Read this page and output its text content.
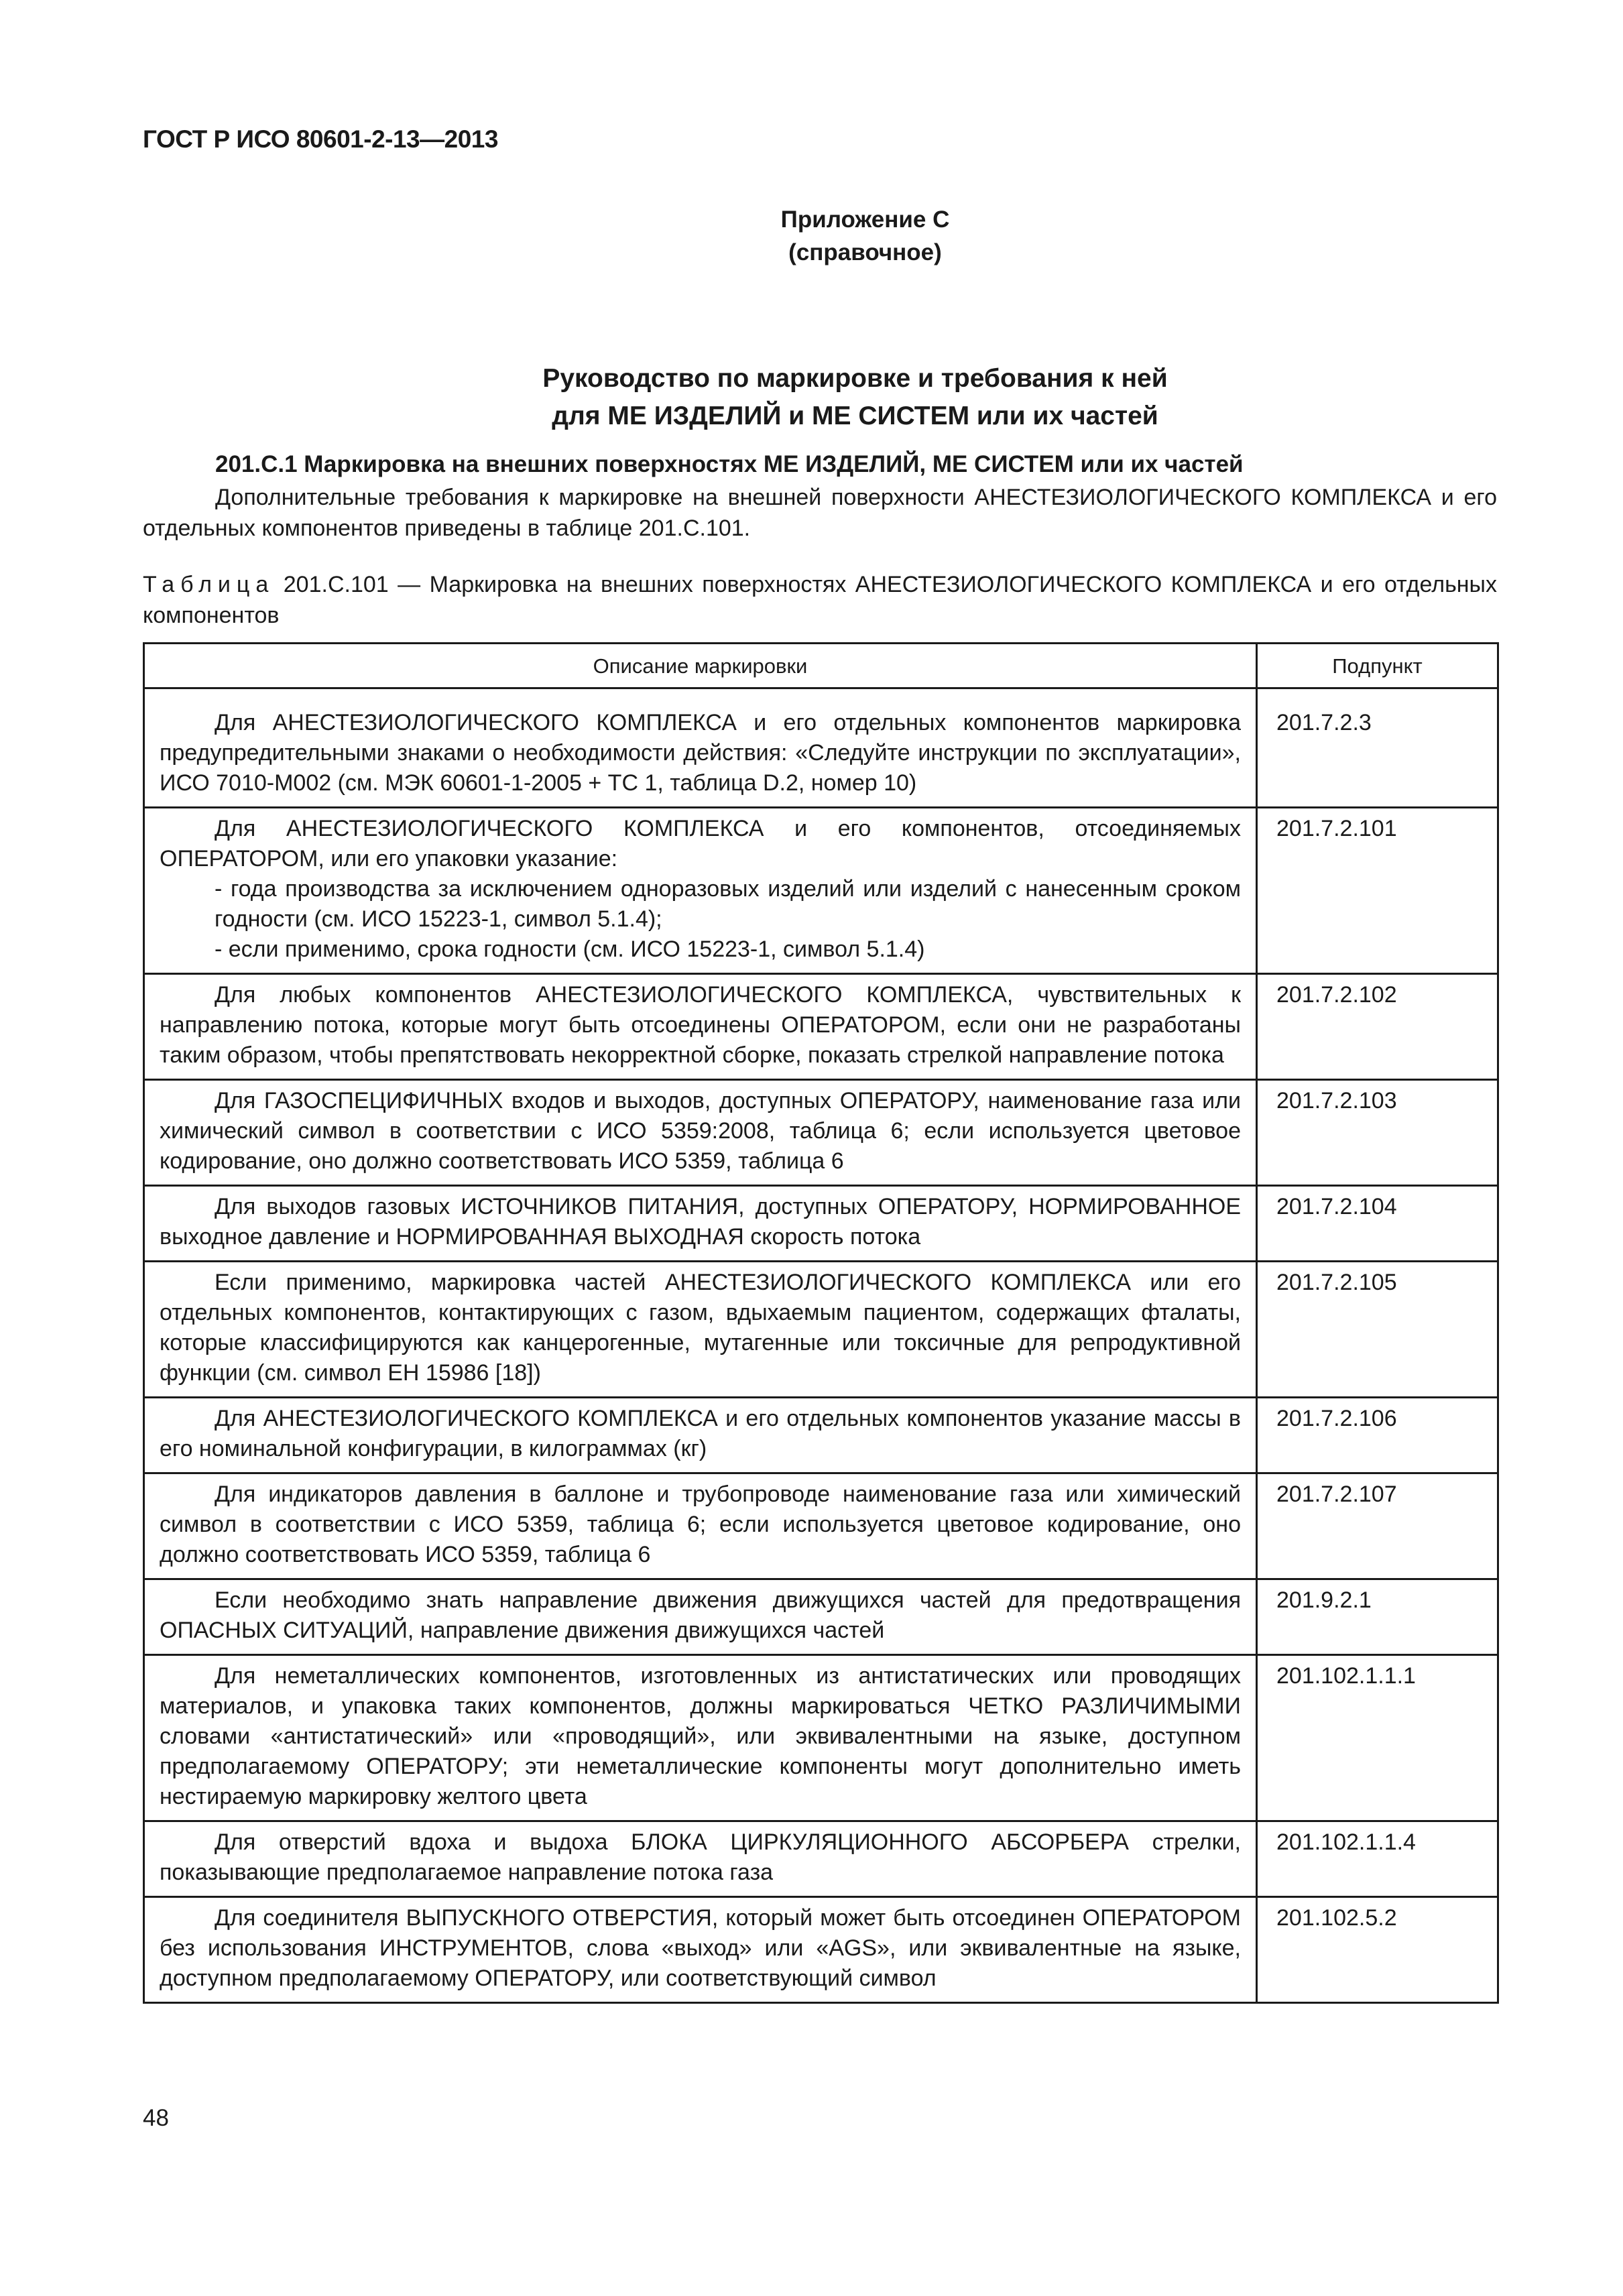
ГОСТ Р ИСО 80601-2-13—2013
Приложение С
(справочное)
Руководство по маркировке и требования к ней
для МЕ ИЗДЕЛИЙ и МЕ СИСТЕМ или их частей
201.С.1 Маркировка на внешних поверхностях МЕ ИЗДЕЛИЙ, МЕ СИСТЕМ или их частей
Дополнительные требования к маркировке на внешней поверхности АНЕСТЕЗИОЛОГИЧЕСКОГО КОМПЛЕКСА и его отдельных компонентов приведены в таблице 201.С.101.
Таблица 201.С.101 — Маркировка на внешних поверхностях АНЕСТЕЗИОЛОГИЧЕСКОГО КОМПЛЕКСА и его отдельных компонентов
Описание маркировки	Подпункт

Для АНЕСТЕЗИОЛОГИЧЕСКОГО КОМПЛЕКСА и его отдельных компонентов маркировка предупредительными знаками о необходимости действия: «Следуйте инструкции по эксплуатации», ИСО 7010-М002 (см. МЭК 60601-1-2005 + ТС 1, таблица D.2, номер 10)	201.7.2.3

Для АНЕСТЕЗИОЛОГИЧЕСКОГО КОМПЛЕКСА и его компонентов, отсоединяемых ОПЕРАТОРОМ, или его упаковки указание:
- года производства за исключением одноразовых изделий или изделий с нанесенным сроком годности (см. ИСО 15223-1, символ 5.1.4);
- если применимо, срока годности (см. ИСО 15223-1, символ 5.1.4)	201.7.2.101

Для любых компонентов АНЕСТЕЗИОЛОГИЧЕСКОГО КОМПЛЕКСА, чувствительных к направлению потока, которые могут быть отсоединены ОПЕРАТОРОМ, если они не разработаны таким образом, чтобы препятствовать некорректной сборке, показать стрелкой направление потока	201.7.2.102

Для ГАЗОСПЕЦИФИЧНЫХ входов и выходов, доступных ОПЕРАТОРУ, наименование газа или химический символ в соответствии с ИСО 5359:2008, таблица 6; если используется цветовое кодирование, оно должно соответствовать ИСО 5359, таблица 6	201.7.2.103

Для выходов газовых ИСТОЧНИКОВ ПИТАНИЯ, доступных ОПЕРАТОРУ, НОРМИРОВАННОЕ выходное давление и НОРМИРОВАННАЯ ВЫХОДНАЯ скорость потока	201.7.2.104

Если применимо, маркировка частей АНЕСТЕЗИОЛОГИЧЕСКОГО КОМПЛЕКСА или его отдельных компонентов, контактирующих с газом, вдыхаемым пациентом, содержащих фталаты, которые классифицируются как канцерогенные, мутагенные или токсичные для репродуктивной функции (см. символ ЕН 15986 [18])	201.7.2.105

Для АНЕСТЕЗИОЛОГИЧЕСКОГО КОМПЛЕКСА и его отдельных компонентов указание массы в его номинальной конфигурации, в килограммах (кг)	201.7.2.106

Для индикаторов давления в баллоне и трубопроводе наименование газа или химический символ в соответствии с ИСО 5359, таблица 6; если используется цветовое кодирование, оно должно соответствовать ИСО 5359, таблица 6	201.7.2.107

Если необходимо знать направление движения движущихся частей для предотвращения ОПАСНЫХ СИТУАЦИЙ, направление движения движущихся частей	201.9.2.1

Для неметаллических компонентов, изготовленных из антистатических или проводящих материалов, и упаковка таких компонентов, должны маркироваться ЧЕТКО РАЗЛИЧИМЫМИ словами «антистатический» или «проводящий», или эквивалентными на языке, доступном предполагаемому ОПЕРАТОРУ; эти неметаллические компоненты могут дополнительно иметь нестираемую маркировку желтого цвета	201.102.1.1.1

Для отверстий вдоха и выдоха БЛОКА ЦИРКУЛЯЦИОННОГО АБСОРБЕРА стрелки, показывающие предполагаемое направление потока газа	201.102.1.1.4

Для соединителя ВЫПУСКНОГО ОТВЕРСТИЯ, который может быть отсоединен ОПЕРАТОРОМ без использования ИНСТРУМЕНТОВ, слова «выход» или «AGS», или эквивалентные на языке, доступном предполагаемому ОПЕРАТОРУ, или соответствующий символ	201.102.5.2
48
